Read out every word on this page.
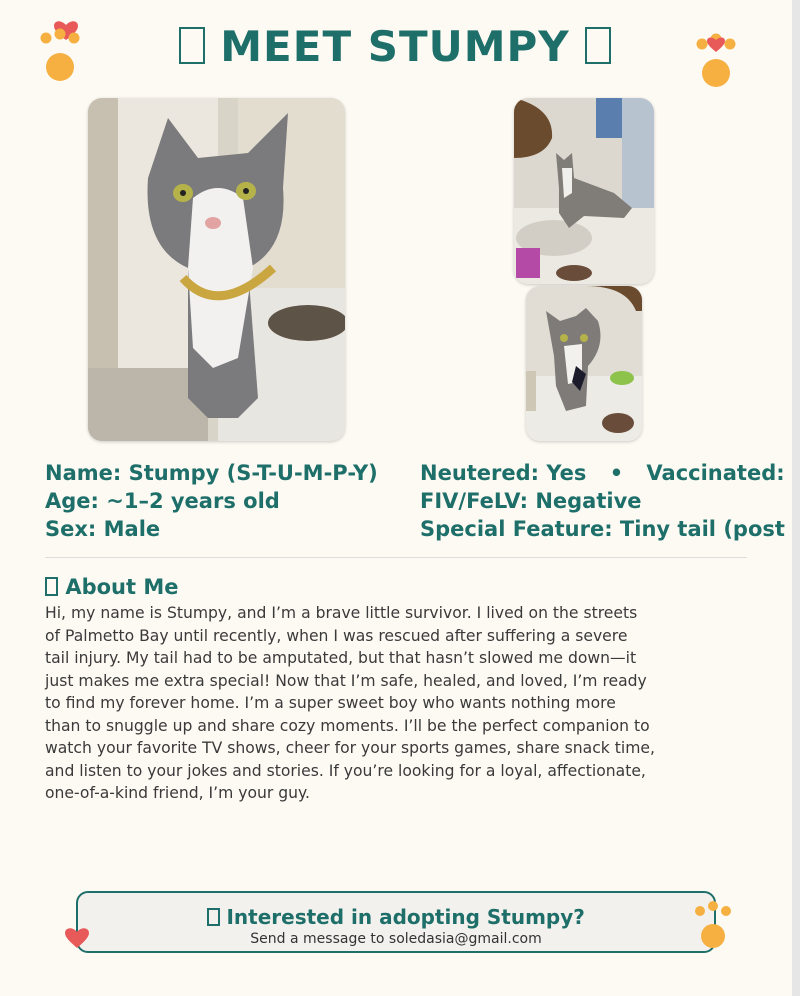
MEET STUMPY
Name: Stumpy (S-T-U-M-P-Y)
Age: ~1–2 years old
Sex: Male
Neutered: Yes • Vaccinated:
FIV/FeLV: Negative
Special Feature: Tiny tail (post
About Me
Hi, my name is Stumpy, and I’m a brave little survivor. I lived on the streets of Palmetto Bay until recently, when I was rescued after suffering a severe tail injury. My tail had to be amputated, but that hasn’t slowed me down—it just makes me extra special! Now that I’m safe, healed, and loved, I’m ready to find my forever home. I’m a super sweet boy who wants nothing more than to snuggle up and share cozy moments. I’ll be the perfect companion to watch your favorite TV shows, cheer for your sports games, share snack time, and listen to your jokes and stories. If you’re looking for a loyal, affectionate, one-of-a-kind friend, I’m your guy.
Interested in adopting Stumpy?
Send a message to soledasia@gmail.com
